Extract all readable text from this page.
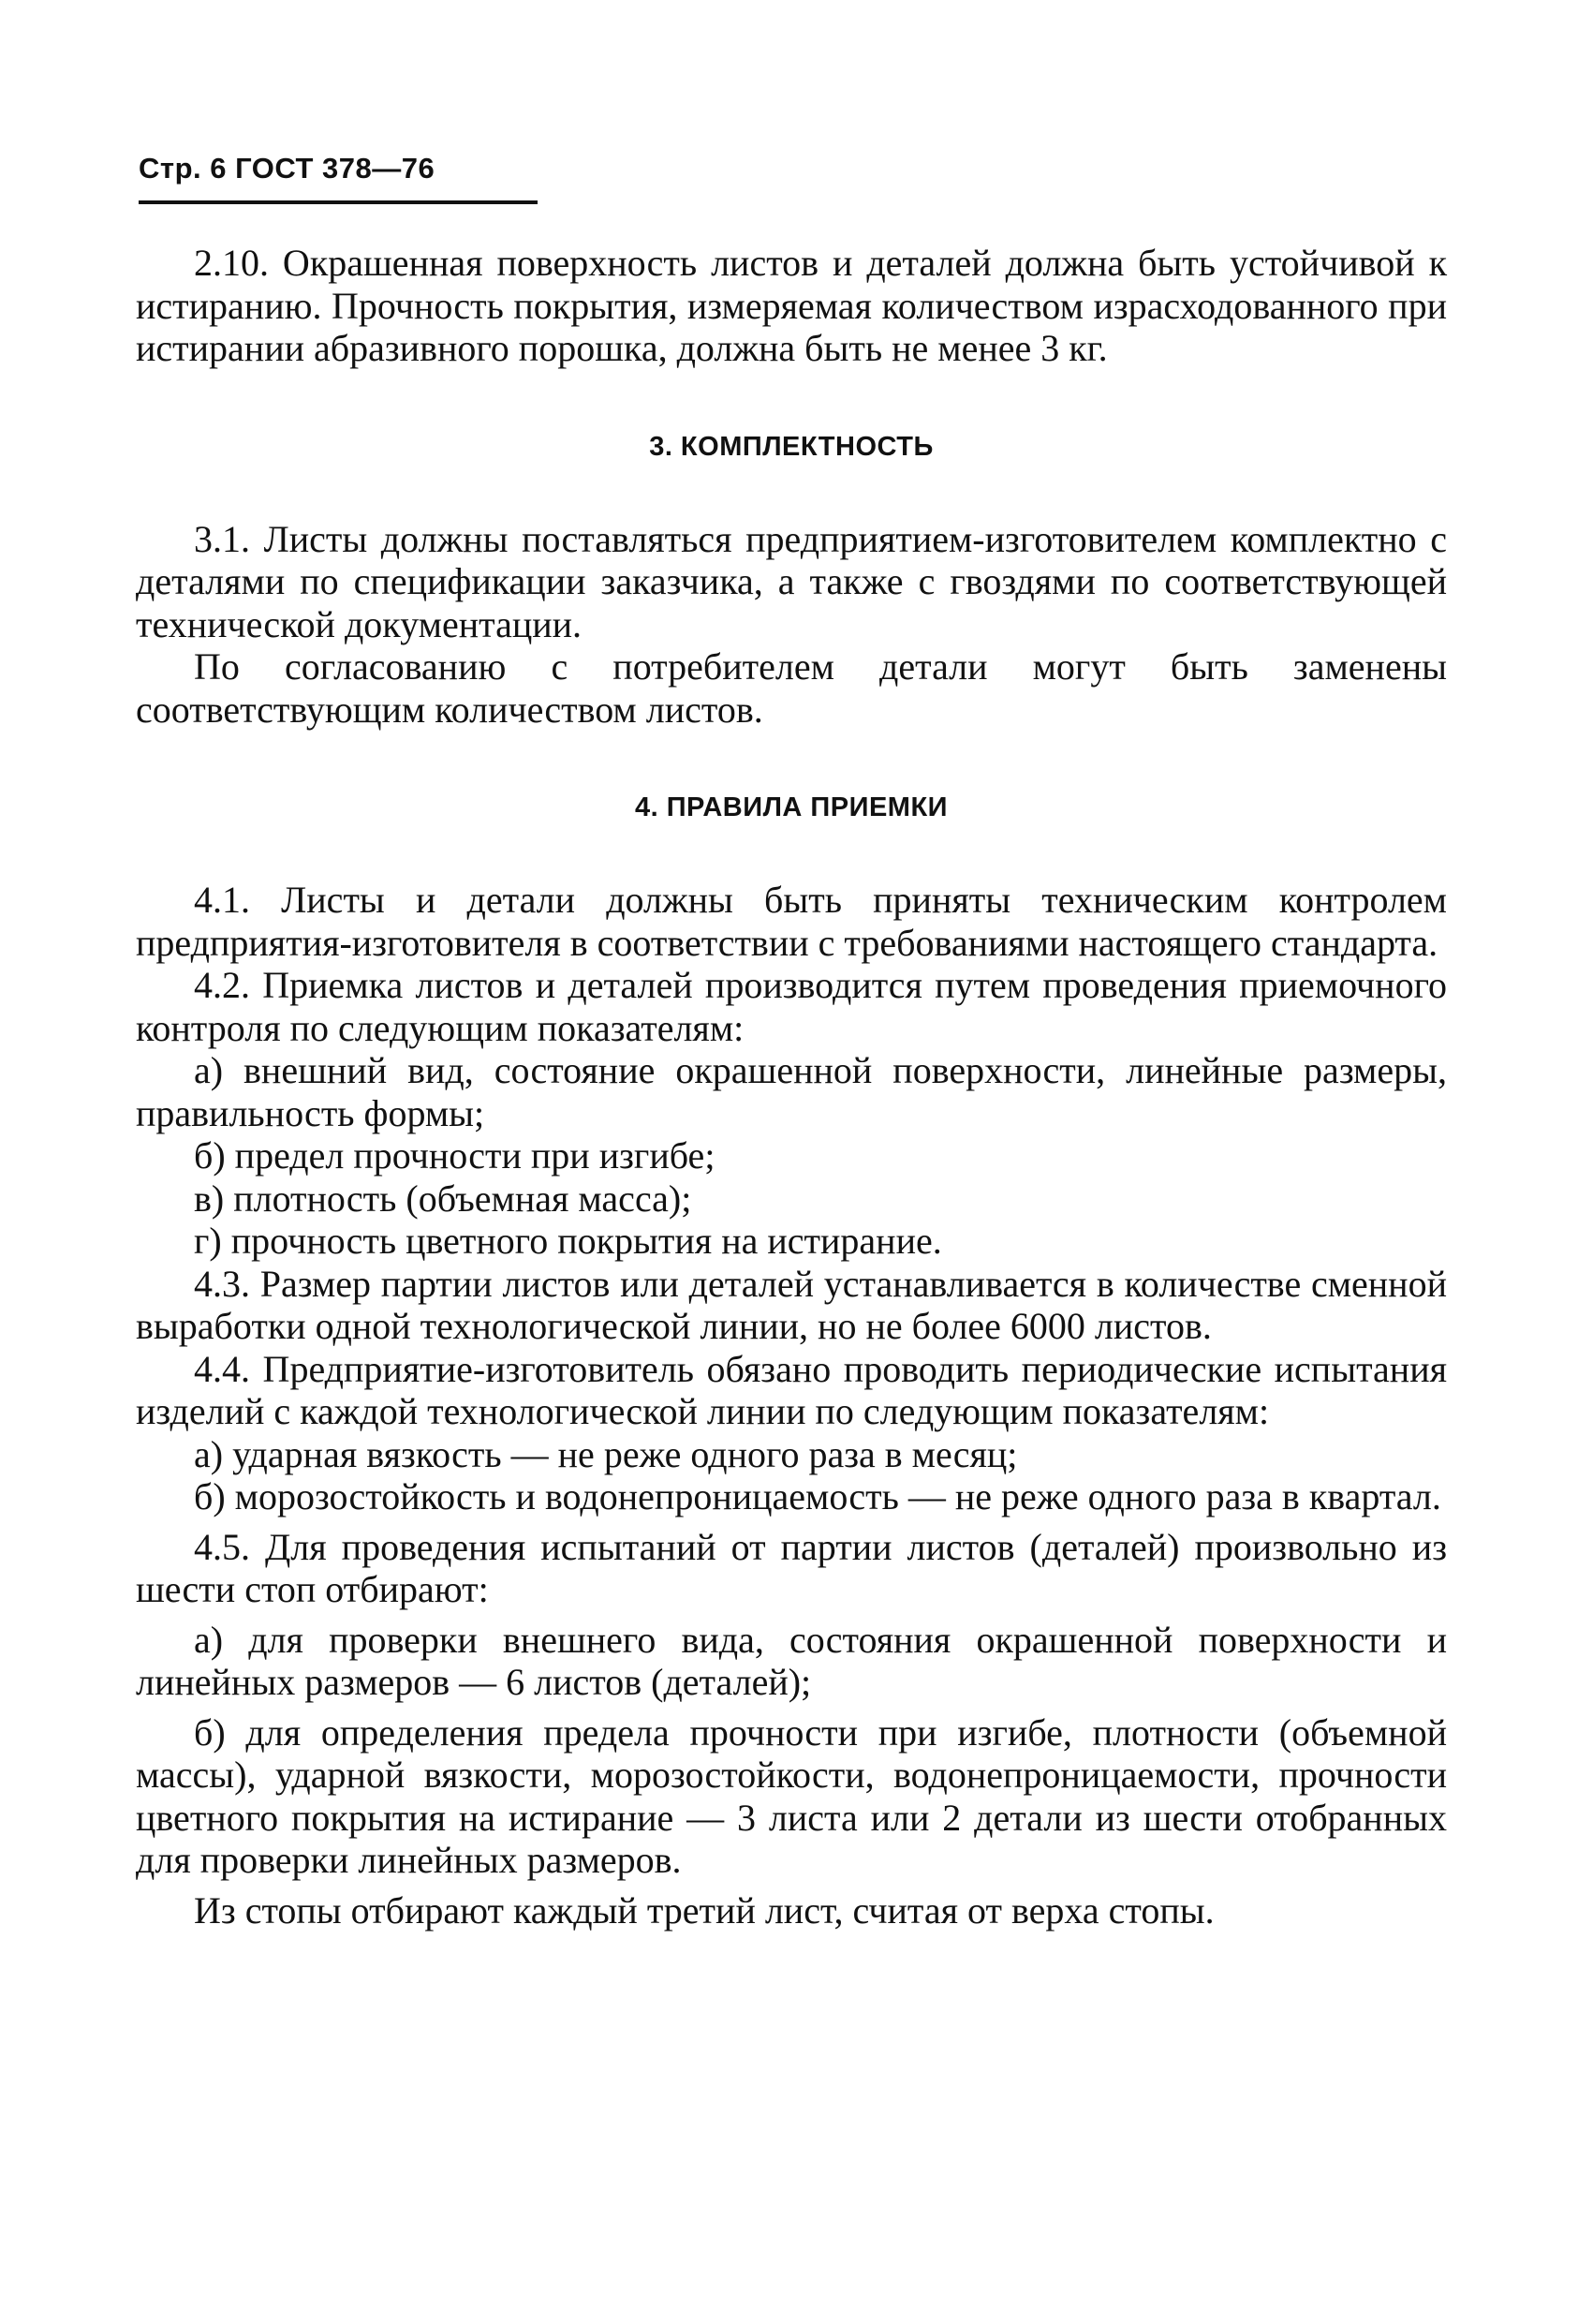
Стр. 6 ГОСТ 378—76

2.10. Окрашенная поверхность листов и деталей должна быть устойчивой к истиранию. Прочность покрытия, измеряемая количеством израсходованного при истирании абразивного порошка, должна быть не менее 3 кг.

3. КОМПЛЕКТНОСТЬ

3.1. Листы должны поставляться предприятием-изготовителем комплектно с деталями по спецификации заказчика, а также с гвоздями по соответствующей технической документации.

По согласованию с потребителем детали могут быть заменены соответствующим количеством листов.

4. ПРАВИЛА ПРИЕМКИ

4.1. Листы и детали должны быть приняты техническим контролем предприятия-изготовителя в соответствии с требованиями настоящего стандарта.

4.2. Приемка листов и деталей производится путем проведения приемочного контроля по следующим показателям:

а) внешний вид, состояние окрашенной поверхности, линейные размеры, правильность формы;

б) предел прочности при изгибе;

в) плотность (объемная масса);

г) прочность цветного покрытия на истирание.

4.3. Размер партии листов или деталей устанавливается в количестве сменной выработки одной технологической линии, но не более 6000 листов.

4.4. Предприятие-изготовитель обязано проводить периодические испытания изделий с каждой технологической линии по следующим показателям:

а) ударная вязкость — не реже одного раза в месяц;

б) морозостойкость и водонепроницаемость — не реже одного раза в квартал.

4.5. Для проведения испытаний от партии листов (деталей) произвольно из шести стоп отбирают:

а) для проверки внешнего вида, состояния окрашенной поверхности и линейных размеров — 6 листов (деталей);

б) для определения предела прочности при изгибе, плотности (объемной массы), ударной вязкости, морозостойкости, водонепроницаемости, прочности цветного покрытия на истирание — 3 листа или 2 детали из шести отобранных для проверки линейных размеров.

Из стопы отбирают каждый третий лист, считая от верха стопы.
